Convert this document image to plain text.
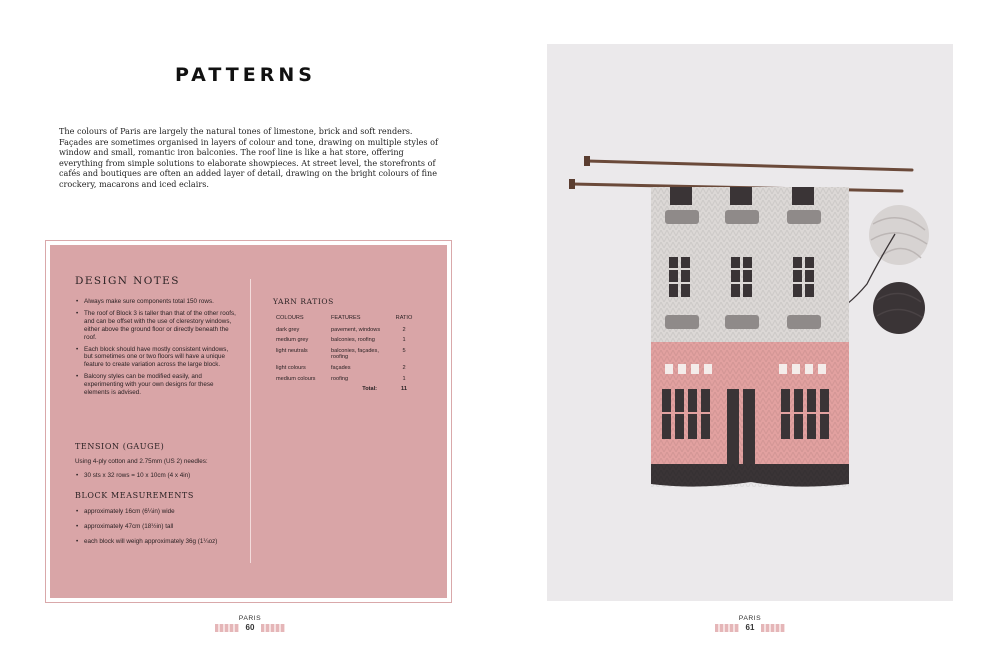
PATTERNS

The colours of Paris are largely the natural tones of limestone, brick and soft renders. Façades are sometimes organised in layers of colour and tone, drawing on multiple styles of window and small, romantic iron balconies. The roof line is like a hat store, offering everything from simple solutions to elaborate showpieces. At street level, the storefronts of cafés and boutiques are often an added layer of detail, drawing on the bright colours of fine crockery, macarons and iced eclairs.

DESIGN NOTES
• Always make sure components total 150 rows.
• The roof of Block 3 is taller than that of the other roofs, and can be offset with the use of clerestory windows, either above the ground floor or directly beneath the roof.
• Each block should have mostly consistent windows, but sometimes one or two floors will have a unique feature to create variation across the large block.
• Balcony styles can be modified easily, and experimenting with your own designs for these elements is advised.
TENSION (GAUGE)
Using 4-ply cotton and 2.75mm (US 2) needles:
• 30 sts x 32 rows = 10 x 10cm (4 x 4in)
BLOCK MEASUREMENTS
• approximately 16cm (6¼in) wide
• approximately 47cm (18½in) tall
• each block will weigh approximately 36g (1¼oz)
YARN RATIOS
COLOURS	FEATURES	RATIO
dark grey	pavement, windows	2
medium grey	balconies, roofing	1
light neutrals	balconies, façades, roofing	5
light colours	façades	2
medium colours	roofing	1
Total:		11
PARIS
60
PARIS
61
